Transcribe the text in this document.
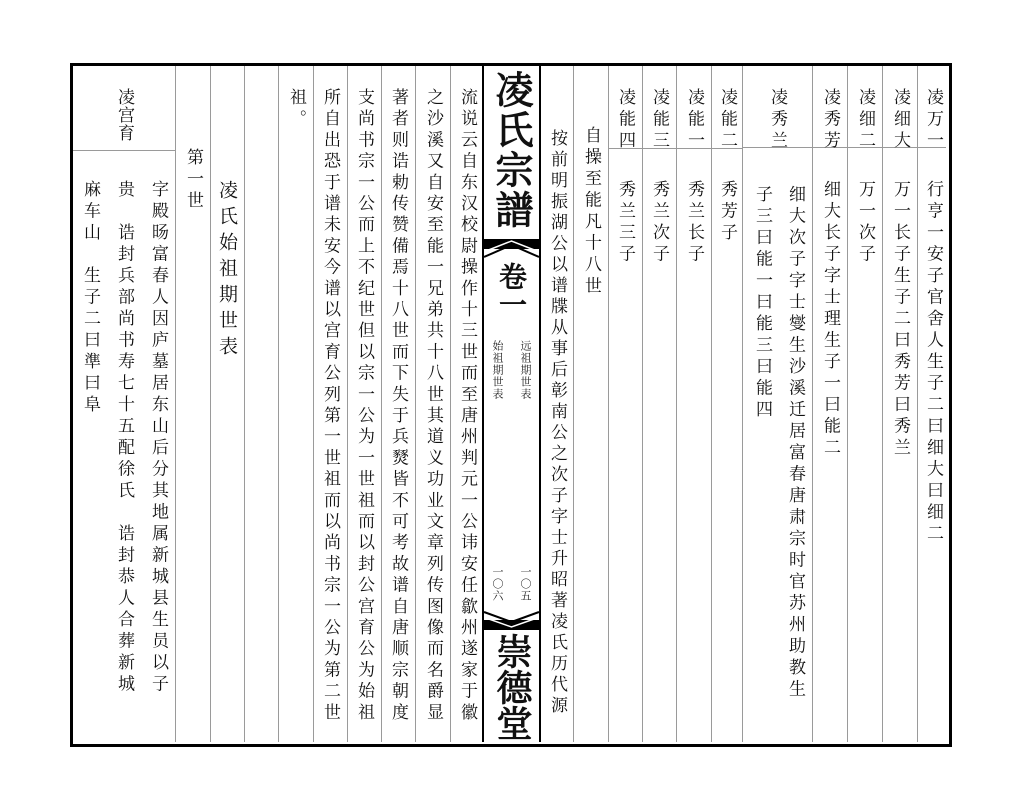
凌万一
行亨一安子官舍人生子二曰细大曰细二
凌细大
万一长子生子二曰秀芳曰秀兰
凌细二
万一次子
凌秀芳
细大长子字士理生子一曰能二
凌秀兰
细大次子字士燮生沙溪迁居富春唐肃宗时官苏州助教生
子三曰能一曰能三曰能四
凌能二
秀芳子
凌能一
秀兰长子
凌能三
秀兰次子
凌能四
秀兰三子
自操至能凡十八世
按前明振湖公以谱牒从事后彰南公之次子字士升昭著凌氏历代源
流说云自东汉校尉操作十三世而至唐州判元一公讳安任歙州遂家于徽
之沙溪又自安至能一兄弟共十八世其道义功业文章列传图像而名爵显
著者则诰勅传赞備焉十八世而下失于兵燹皆不可考故谱自唐顺宗朝度
支尚书宗一公而上不纪世但以宗一公为一世祖而以封公宫育公为始祖
所自出恐于谱未安今谱以宫育公列第一世祖而以尚书宗一公为第二世
祖。	凌氏宗譜
卷一
远祖期世表
始祖期世表
一〇五
一〇六
崇德堂
凌氏始祖期世表
第一世
凌宫育
字殿旸富春人因庐墓居东山后分其地属新城县生员以子
贵　诰封兵部尚书寿七十五配徐氏　诰封恭人合葬新城
麻车山　生子二曰準曰阜
